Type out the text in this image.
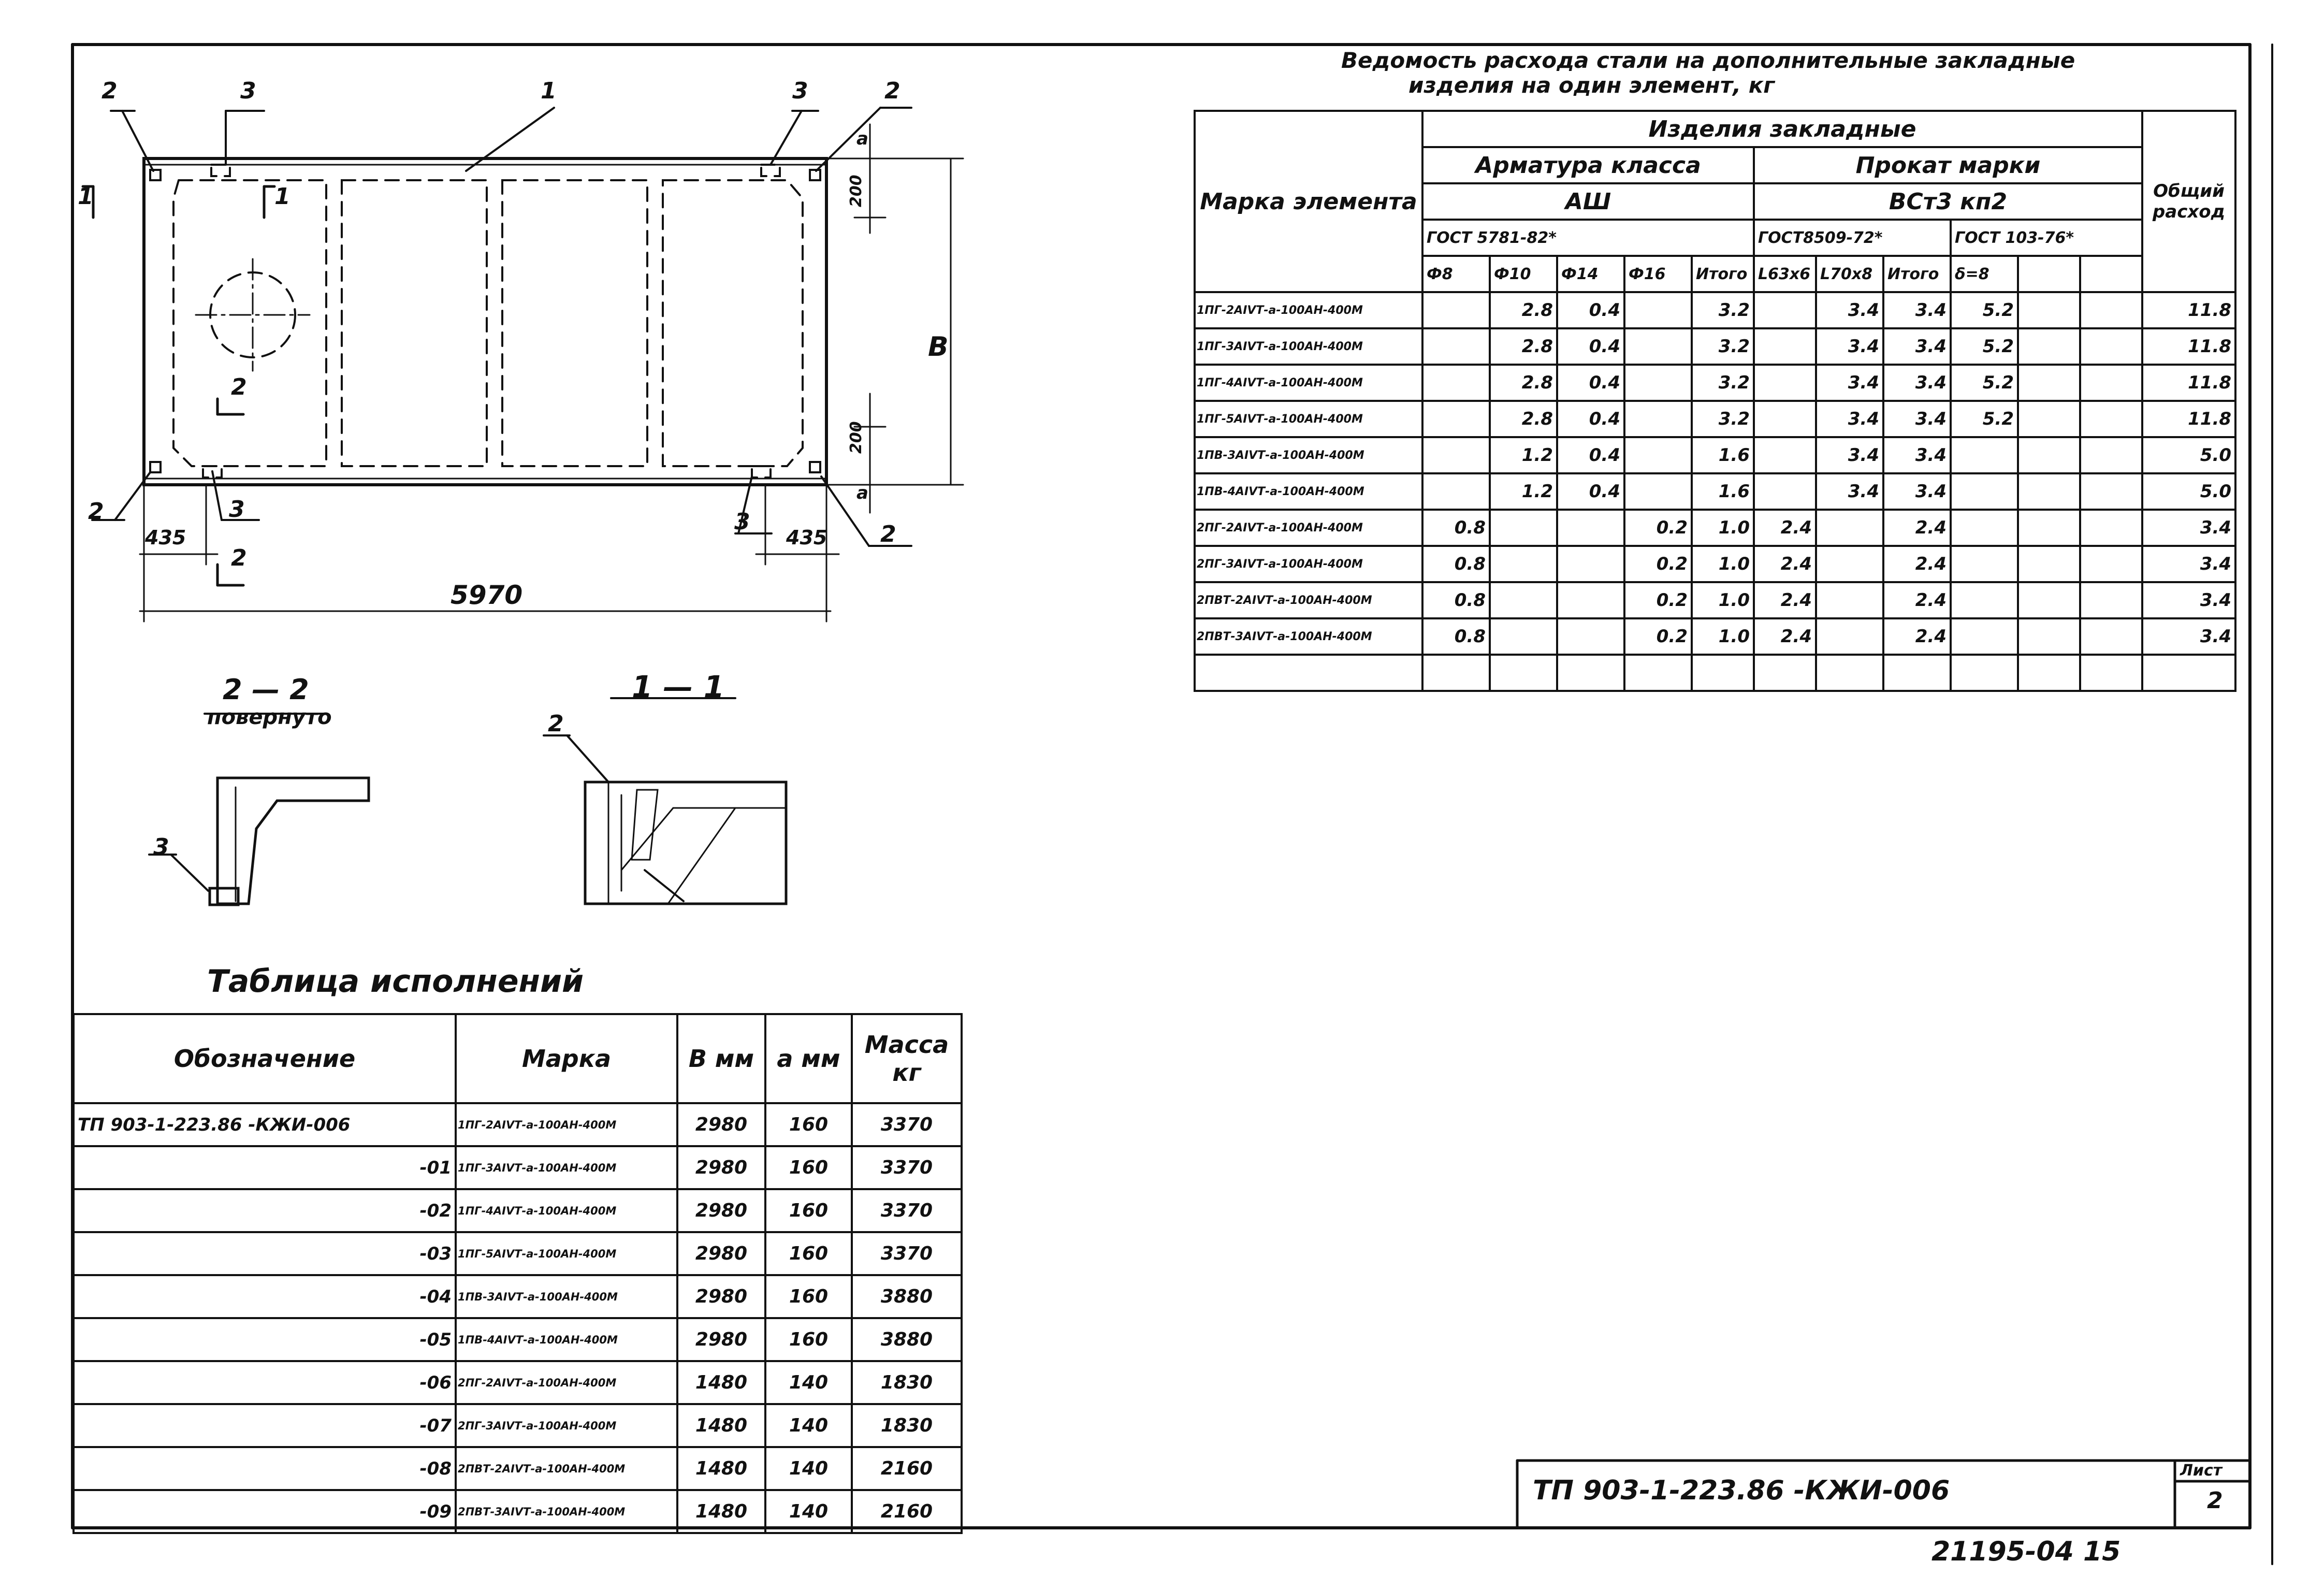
2	3	1	3	2
2	3	3	2
1	1
2
2
5970
435	435
В
200
200
а
а
2 — 2
повернуто
3
1 — 1
2
Ведомость расхода стали на дополнительные закладные
изделия на один элемент, кг
Марка элемента	Изделия закладные											Общий расход
	Арматура класса					Прокат марки						
	АШ					ВСт3 кп2						
	ГОСТ 5781-82*					ГОСТ8509-72*			ГОСТ 103-76*			
	Ф8	Ф10	Ф14	Ф16	Итого	L63х6	L70х8	Итого	δ=8			
1ПГ-2АIVТ-а-100АН-400М		2.8	0.4		3.2		3.4	3.4	5.2			11.8
1ПГ-3АIVТ-а-100АН-400М		2.8	0.4		3.2		3.4	3.4	5.2			11.8
1ПГ-4АIVТ-а-100АН-400М		2.8	0.4		3.2		3.4	3.4	5.2			11.8
1ПГ-5АIVТ-а-100АН-400М		2.8	0.4		3.2		3.4	3.4	5.2			11.8
1ПВ-3АIVТ-а-100АН-400М		1.2	0.4		1.6		3.4	3.4				5.0
1ПВ-4АIVТ-а-100АН-400М		1.2	0.4		1.6		3.4	3.4				5.0
2ПГ-2АIVТ-а-100АН-400М	0.8			0.2	1.0	2.4		2.4				3.4
2ПГ-3АIVТ-а-100АН-400М	0.8			0.2	1.0	2.4		2.4				3.4
2ПВТ-2АIVТ-а-100АН-400М	0.8			0.2	1.0	2.4		2.4				3.4
2ПВТ-3АIVТ-а-100АН-400М	0.8			0.2	1.0	2.4		2.4				3.4

Таблица исполнений
Обозначение	Марка	В мм	а мм	Масса кг
ТП 903-1-223.86 -КЖИ-006	1ПГ-2АIVТ-а-100АН-400М	2980	160	3370
-01	1ПГ-3АIVТ-а-100АН-400М	2980	160	3370
-02	1ПГ-4АIVТ-а-100АН-400М	2980	160	3370
-03	1ПГ-5АIVТ-а-100АН-400М	2980	160	3370
-04	1ПВ-3АIVТ-а-100АН-400М	2980	160	3880
-05	1ПВ-4АIVТ-а-100АН-400М	2980	160	3880
-06	2ПГ-2АIVТ-а-100АН-400М	1480	140	1830
-07	2ПГ-3АIVТ-а-100АН-400М	1480	140	1830
-08	2ПВТ-2АIVТ-а-100АН-400М	1480	140	2160
-09	2ПВТ-3АIVТ-а-100АН-400М	1480	140	2160
ТП 903-1-223.86 -КЖИ-006
Лист
2
21195-04 15
